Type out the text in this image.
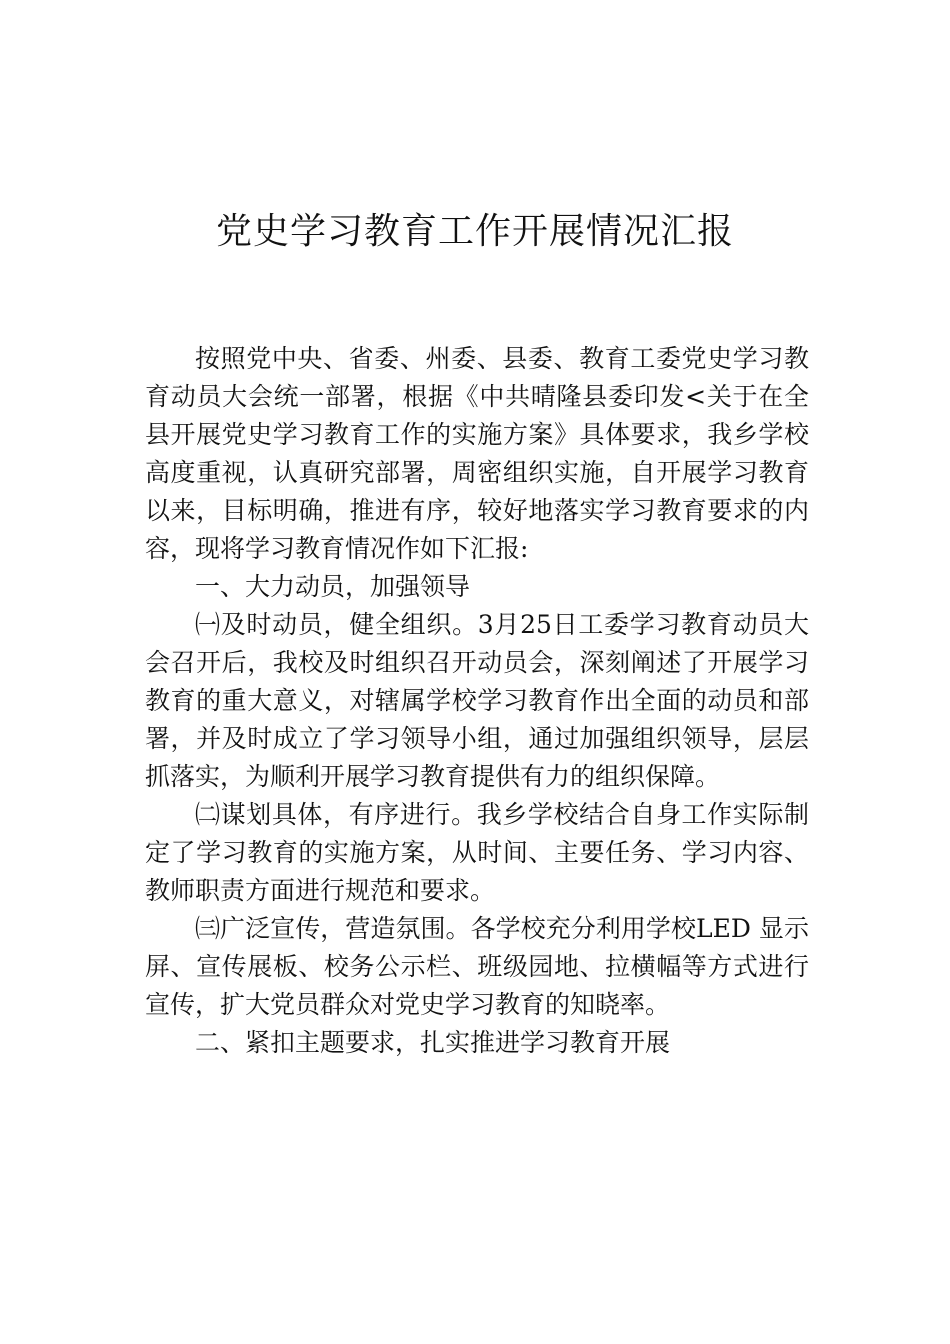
党史学习教育工作开展情况汇报

按照党中央、省委、州委、县委、教育工委党史学习教育动员大会统一部署，根据《中共晴隆县委印发<关于在全县开展党史学习教育工作的实施方案》具体要求，我乡学校高度重视，认真研究部署，周密组织实施，自开展学习教育以来，目标明确，推进有序，较好地落实学习教育要求的内容，现将学习教育情况作如下汇报:

一、大力动员，加强领导

㈠及时动员，健全组织。3月25日工委学习教育动员大会召开后，我校及时组织召开动员会，深刻阐述了开展学习教育的重大意义，对辖属学校学习教育作出全面的动员和部署，并及时成立了学习领导小组，通过加强组织领导，层层抓落实，为顺利开展学习教育提供有力的组织保障。

㈡谋划具体，有序进行。我乡学校结合自身工作实际制定了学习教育的实施方案，从时间、主要任务、学习内容、教师职责方面进行规范和要求。

㈢广泛宣传，营造氛围。各学校充分利用学校LED 显示屏、宣传展板、校务公示栏、班级园地、拉横幅等方式进行宣传，扩大党员群众对党史学习教育的知晓率。

二、紧扣主题要求，扎实推进学习教育开展
